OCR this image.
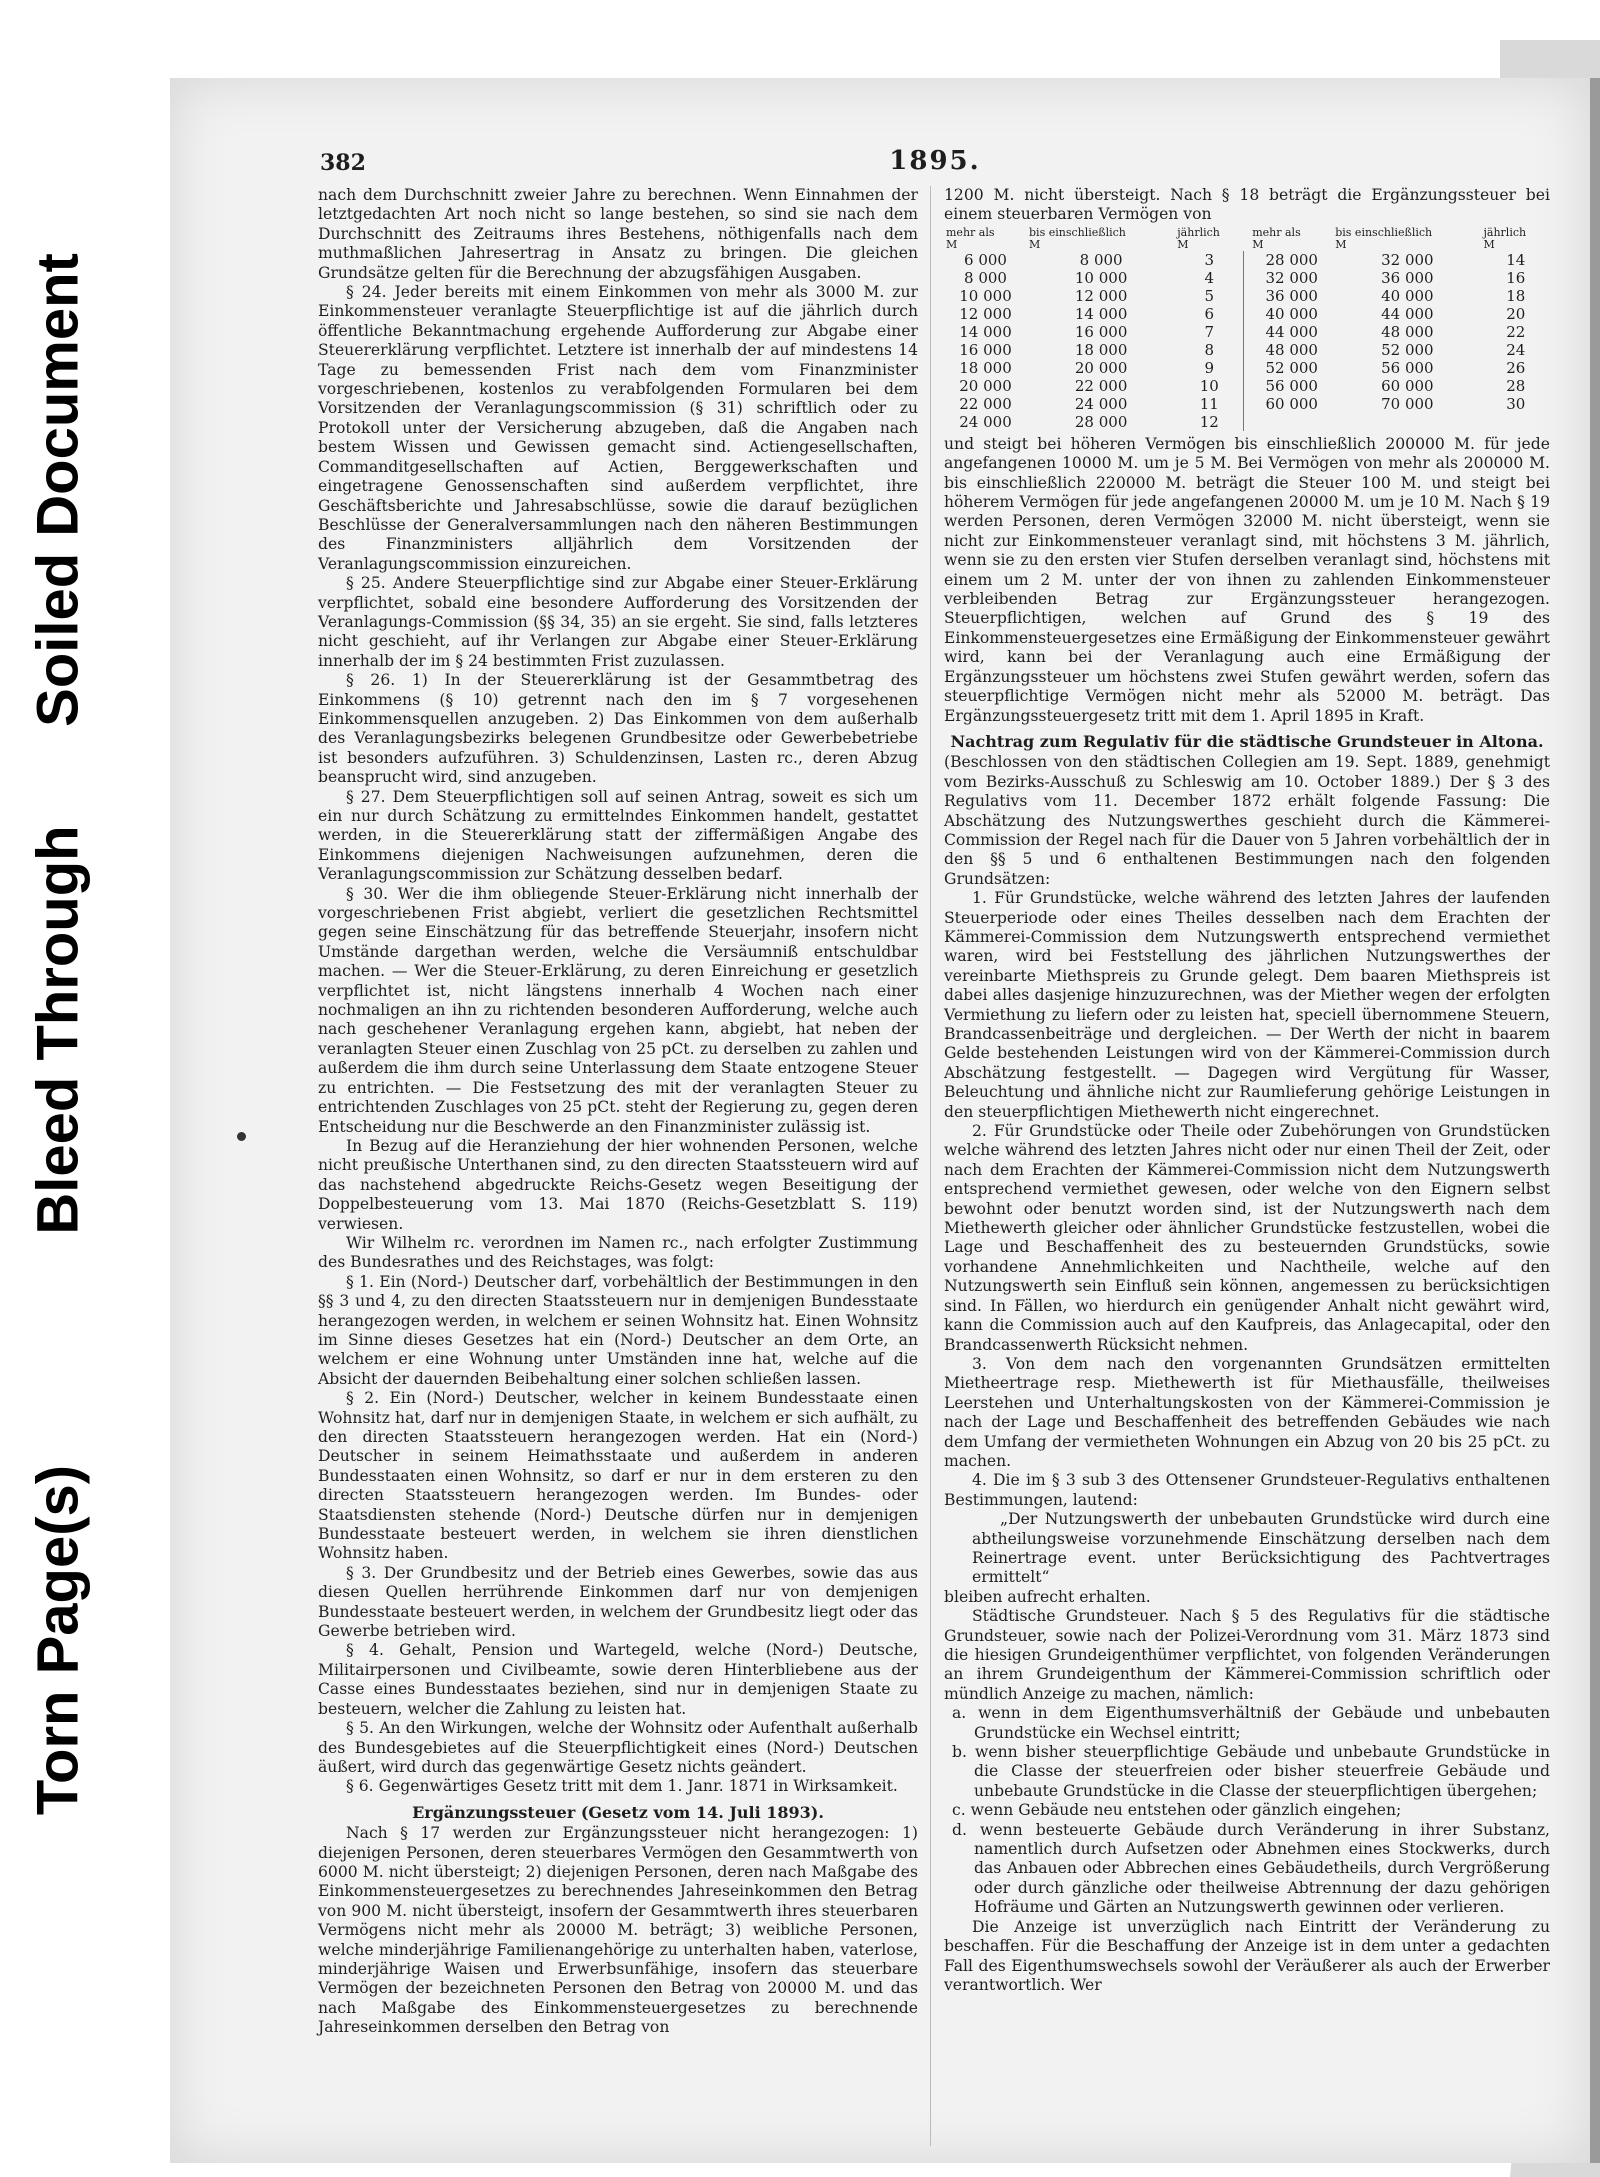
Soiled Document
Bleed Through
Torn Page(s)
382	1895.

nach dem Durchschnitt zweier Jahre zu berechnen. Wenn Einnahmen der letztgedachten Art noch nicht so lange bestehen, so sind sie nach dem Durchschnitt des Zeitraums ihres Bestehens, nöthigenfalls nach dem muthmaßlichen Jahresertrag in Ansatz zu bringen. Die gleichen Grundsätze gelten für die Berechnung der abzugsfähigen Ausgaben.

§ 24. Jeder bereits mit einem Einkommen von mehr als 3000 M. zur Einkommensteuer veranlagte Steuerpflichtige ist auf die jährlich durch öffentliche Bekanntmachung ergehende Aufforderung zur Abgabe einer Steuererklärung verpflichtet. Letztere ist innerhalb der auf mindestens 14 Tage zu bemessenden Frist nach dem vom Finanzminister vorgeschriebenen, kostenlos zu verabfolgenden Formularen bei dem Vorsitzenden der Veranlagungscommission (§ 31) schriftlich oder zu Protokoll unter der Versicherung abzugeben, daß die Angaben nach bestem Wissen und Gewissen gemacht sind. Actiengesellschaften, Commanditgesellschaften auf Actien, Berggewerkschaften und eingetragene Genossenschaften sind außerdem verpflichtet, ihre Geschäftsberichte und Jahresabschlüsse, sowie die darauf bezüglichen Beschlüsse der Generalversammlungen nach den näheren Bestimmungen des Finanzministers alljährlich dem Vorsitzenden der Veranlagungscommission einzureichen.

§ 25. Andere Steuerpflichtige sind zur Abgabe einer Steuer-Erklärung verpflichtet, sobald eine besondere Aufforderung des Vorsitzenden der Veranlagungs-Commission (§§ 34, 35) an sie ergeht. Sie sind, falls letzteres nicht geschieht, auf ihr Verlangen zur Abgabe einer Steuer-Erklärung innerhalb der im § 24 bestimmten Frist zuzulassen.

§ 26. 1) In der Steuererklärung ist der Gesammtbetrag des Einkommens (§ 10) getrennt nach den im § 7 vorgesehenen Einkommensquellen anzugeben. 2) Das Einkommen von dem außerhalb des Veranlagungsbezirks belegenen Grundbesitze oder Gewerbebetriebe ist besonders aufzuführen. 3) Schuldenzinsen, Lasten rc., deren Abzug beansprucht wird, sind anzugeben.

§ 27. Dem Steuerpflichtigen soll auf seinen Antrag, soweit es sich um ein nur durch Schätzung zu ermittelndes Einkommen handelt, gestattet werden, in die Steuererklärung statt der ziffermäßigen Angabe des Einkommens diejenigen Nachweisungen aufzunehmen, deren die Veranlagungscommission zur Schätzung desselben bedarf.

§ 30. Wer die ihm obliegende Steuer-Erklärung nicht innerhalb der vorgeschriebenen Frist abgiebt, verliert die gesetzlichen Rechtsmittel gegen seine Einschätzung für das betreffende Steuerjahr, insofern nicht Umstände dargethan werden, welche die Versäumniß entschuldbar machen. — Wer die Steuer-Erklärung, zu deren Einreichung er gesetzlich verpflichtet ist, nicht längstens innerhalb 4 Wochen nach einer nochmaligen an ihn zu richtenden besonderen Aufforderung, welche auch nach geschehener Veranlagung ergehen kann, abgiebt, hat neben der veranlagten Steuer einen Zuschlag von 25 pCt. zu derselben zu zahlen und außerdem die ihm durch seine Unterlassung dem Staate entzogene Steuer zu entrichten. — Die Festsetzung des mit der veranlagten Steuer zu entrichtenden Zuschlages von 25 pCt. steht der Regierung zu, gegen deren Entscheidung nur die Beschwerde an den Finanzminister zulässig ist.

In Bezug auf die Heranziehung der hier wohnenden Personen, welche nicht preußische Unterthanen sind, zu den directen Staatssteuern wird auf das nachstehend abgedruckte Reichs-Gesetz wegen Beseitigung der Doppelbesteuerung vom 13. Mai 1870 (Reichs-Gesetzblatt S. 119) verwiesen.

Wir Wilhelm rc. verordnen im Namen rc., nach erfolgter Zustimmung des Bundesrathes und des Reichstages, was folgt:

§ 1. Ein (Nord-) Deutscher darf, vorbehältlich der Bestimmungen in den §§ 3 und 4, zu den directen Staatssteuern nur in demjenigen Bundesstaate herangezogen werden, in welchem er seinen Wohnsitz hat. Einen Wohnsitz im Sinne dieses Gesetzes hat ein (Nord-) Deutscher an dem Orte, an welchem er eine Wohnung unter Umständen inne hat, welche auf die Absicht der dauernden Beibehaltung einer solchen schließen lassen.

§ 2. Ein (Nord-) Deutscher, welcher in keinem Bundesstaate einen Wohnsitz hat, darf nur in demjenigen Staate, in welchem er sich aufhält, zu den directen Staatssteuern herangezogen werden. Hat ein (Nord-) Deutscher in seinem Heimathsstaate und außerdem in anderen Bundesstaaten einen Wohnsitz, so darf er nur in dem ersteren zu den directen Staatssteuern herangezogen werden. Im Bundes- oder Staatsdiensten stehende (Nord-) Deutsche dürfen nur in demjenigen Bundesstaate besteuert werden, in welchem sie ihren dienstlichen Wohnsitz haben.

§ 3. Der Grundbesitz und der Betrieb eines Gewerbes, sowie das aus diesen Quellen herrührende Einkommen darf nur von demjenigen Bundesstaate besteuert werden, in welchem der Grundbesitz liegt oder das Gewerbe betrieben wird.

§ 4. Gehalt, Pension und Wartegeld, welche (Nord-) Deutsche, Militairpersonen und Civilbeamte, sowie deren Hinterbliebene aus der Casse eines Bundesstaates beziehen, sind nur in demjenigen Staate zu besteuern, welcher die Zahlung zu leisten hat.

§ 5. An den Wirkungen, welche der Wohnsitz oder Aufenthalt außerhalb des Bundesgebietes auf die Steuerpflichtigkeit eines (Nord-) Deutschen äußert, wird durch das gegenwärtige Gesetz nichts geändert.

§ 6. Gegenwärtiges Gesetz tritt mit dem 1. Janr. 1871 in Wirksamkeit.

Ergänzungssteuer (Gesetz vom 14. Juli 1893).

Nach § 17 werden zur Ergänzungssteuer nicht herangezogen: 1) diejenigen Personen, deren steuerbares Vermögen den Gesammtwerth von 6000 M. nicht übersteigt; 2) diejenigen Personen, deren nach Maßgabe des Einkommensteuergesetzes zu berechnendes Jahreseinkommen den Betrag von 900 M. nicht übersteigt, insofern der Gesammtwerth ihres steuerbaren Vermögens nicht mehr als 20000 M. beträgt; 3) weibliche Personen, welche minderjährige Familienangehörige zu unterhalten haben, vaterlose, minderjährige Waisen und Erwerbsunfähige, insofern das steuerbare Vermögen der bezeichneten Personen den Betrag von 20000 M. und das nach Maßgabe des Einkommensteuergesetzes zu berechnende Jahreseinkommen derselben den Betrag von

1200 M. nicht übersteigt. Nach § 18 beträgt die Ergänzungssteuer bei einem steuerbaren Vermögen von

mehr als	bis einschließlich	jährlich		mehr als	bis einschließlich	jährlich
M	M	M		M	M	M
6 000	8 000	3		28 000	32 000	14
8 000	10 000	4		32 000	36 000	16
10 000	12 000	5		36 000	40 000	18
12 000	14 000	6		40 000	44 000	20
14 000	16 000	7		44 000	48 000	22
16 000	18 000	8		48 000	52 000	24
18 000	20 000	9		52 000	56 000	26
20 000	22 000	10		56 000	60 000	28
22 000	24 000	11		60 000	70 000	30
24 000	28 000	12				

und steigt bei höheren Vermögen bis einschließlich 200000 M. für jede angefangenen 10000 M. um je 5 M. Bei Vermögen von mehr als 200000 M. bis einschließlich 220000 M. beträgt die Steuer 100 M. und steigt bei höherem Vermögen für jede angefangenen 20000 M. um je 10 M. Nach § 19 werden Personen, deren Vermögen 32000 M. nicht übersteigt, wenn sie nicht zur Einkommensteuer veranlagt sind, mit höchstens 3 M. jährlich, wenn sie zu den ersten vier Stufen derselben veranlagt sind, höchstens mit einem um 2 M. unter der von ihnen zu zahlenden Einkommensteuer verbleibenden Betrag zur Ergänzungssteuer herangezogen. Steuerpflichtigen, welchen auf Grund des § 19 des Einkommensteuergesetzes eine Ermäßigung der Einkommensteuer gewährt wird, kann bei der Veranlagung auch eine Ermäßigung der Ergänzungssteuer um höchstens zwei Stufen gewährt werden, sofern das steuerpflichtige Vermögen nicht mehr als 52000 M. beträgt. Das Ergänzungssteuergesetz tritt mit dem 1. April 1895 in Kraft.

Nachtrag zum Regulativ für die städtische Grundsteuer in Altona.

(Beschlossen von den städtischen Collegien am 19. Sept. 1889, genehmigt vom Bezirks-Ausschuß zu Schleswig am 10. October 1889.) Der § 3 des Regulativs vom 11. December 1872 erhält folgende Fassung: Die Abschätzung des Nutzungswerthes geschieht durch die Kämmerei-Commission der Regel nach für die Dauer von 5 Jahren vorbehältlich der in den §§ 5 und 6 enthaltenen Bestimmungen nach den folgenden Grundsätzen:

1. Für Grundstücke, welche während des letzten Jahres der laufenden Steuerperiode oder eines Theiles desselben nach dem Erachten der Kämmerei-Commission dem Nutzungswerth entsprechend vermiethet waren, wird bei Feststellung des jährlichen Nutzungswerthes der vereinbarte Miethspreis zu Grunde gelegt. Dem baaren Miethspreis ist dabei alles dasjenige hinzuzurechnen, was der Miether wegen der erfolgten Vermiethung zu liefern oder zu leisten hat, speciell übernommene Steuern, Brandcassenbeiträge und dergleichen. — Der Werth der nicht in baarem Gelde bestehenden Leistungen wird von der Kämmerei-Commission durch Abschätzung festgestellt. — Dagegen wird Vergütung für Wasser, Beleuchtung und ähnliche nicht zur Raumlieferung gehörige Leistungen in den steuerpflichtigen Miethewerth nicht eingerechnet.

2. Für Grundstücke oder Theile oder Zubehörungen von Grundstücken welche während des letzten Jahres nicht oder nur einen Theil der Zeit, oder nach dem Erachten der Kämmerei-Commission nicht dem Nutzungswerth entsprechend vermiethet gewesen, oder welche von den Eignern selbst bewohnt oder benutzt worden sind, ist der Nutzungswerth nach dem Miethewerth gleicher oder ähnlicher Grundstücke festzustellen, wobei die Lage und Beschaffenheit des zu besteuernden Grundstücks, sowie vorhandene Annehmlichkeiten und Nachtheile, welche auf den Nutzungswerth sein Einfluß sein können, angemessen zu berücksichtigen sind. In Fällen, wo hierdurch ein genügender Anhalt nicht gewährt wird, kann die Commission auch auf den Kaufpreis, das Anlagecapital, oder den Brandcassenwerth Rücksicht nehmen.

3. Von dem nach den vorgenannten Grundsätzen ermittelten Mietheertrage resp. Miethewerth ist für Miethausfälle, theilweises Leerstehen und Unterhaltungskosten von der Kämmerei-Commission je nach der Lage und Beschaffenheit des betreffenden Gebäudes wie nach dem Umfang der vermietheten Wohnungen ein Abzug von 20 bis 25 pCt. zu machen.

4. Die im § 3 sub 3 des Ottensener Grundsteuer-Regulativs enthaltenen Bestimmungen, lautend:

„Der Nutzungswerth der unbebauten Grundstücke wird durch eine abtheilungsweise vorzunehmende Einschätzung derselben nach dem Reinertrage event. unter Berücksichtigung des Pachtvertrages ermittelt“

bleiben aufrecht erhalten.

Städtische Grundsteuer. Nach § 5 des Regulativs für die städtische Grundsteuer, sowie nach der Polizei-Verordnung vom 31. März 1873 sind die hiesigen Grundeigenthümer verpflichtet, von folgenden Veränderungen an ihrem Grundeigenthum der Kämmerei-Commission schriftlich oder mündlich Anzeige zu machen, nämlich:

a. wenn in dem Eigenthumsverhältniß der Gebäude und unbebauten Grundstücke ein Wechsel eintritt;

b. wenn bisher steuerpflichtige Gebäude und unbebaute Grundstücke in die Classe der steuerfreien oder bisher steuerfreie Gebäude und unbebaute Grundstücke in die Classe der steuerpflichtigen übergehen;

c. wenn Gebäude neu entstehen oder gänzlich eingehen;

d. wenn besteuerte Gebäude durch Veränderung in ihrer Substanz, namentlich durch Aufsetzen oder Abnehmen eines Stockwerks, durch das Anbauen oder Abbrechen eines Gebäudetheils, durch Vergrößerung oder durch gänzliche oder theilweise Abtrennung der dazu gehörigen Hofräume und Gärten an Nutzungswerth gewinnen oder verlieren.

Die Anzeige ist unverzüglich nach Eintritt der Veränderung zu beschaffen. Für die Beschaffung der Anzeige ist in dem unter a gedachten Fall des Eigenthumswechsels sowohl der Veräußerer als auch der Erwerber verantwortlich. Wer
